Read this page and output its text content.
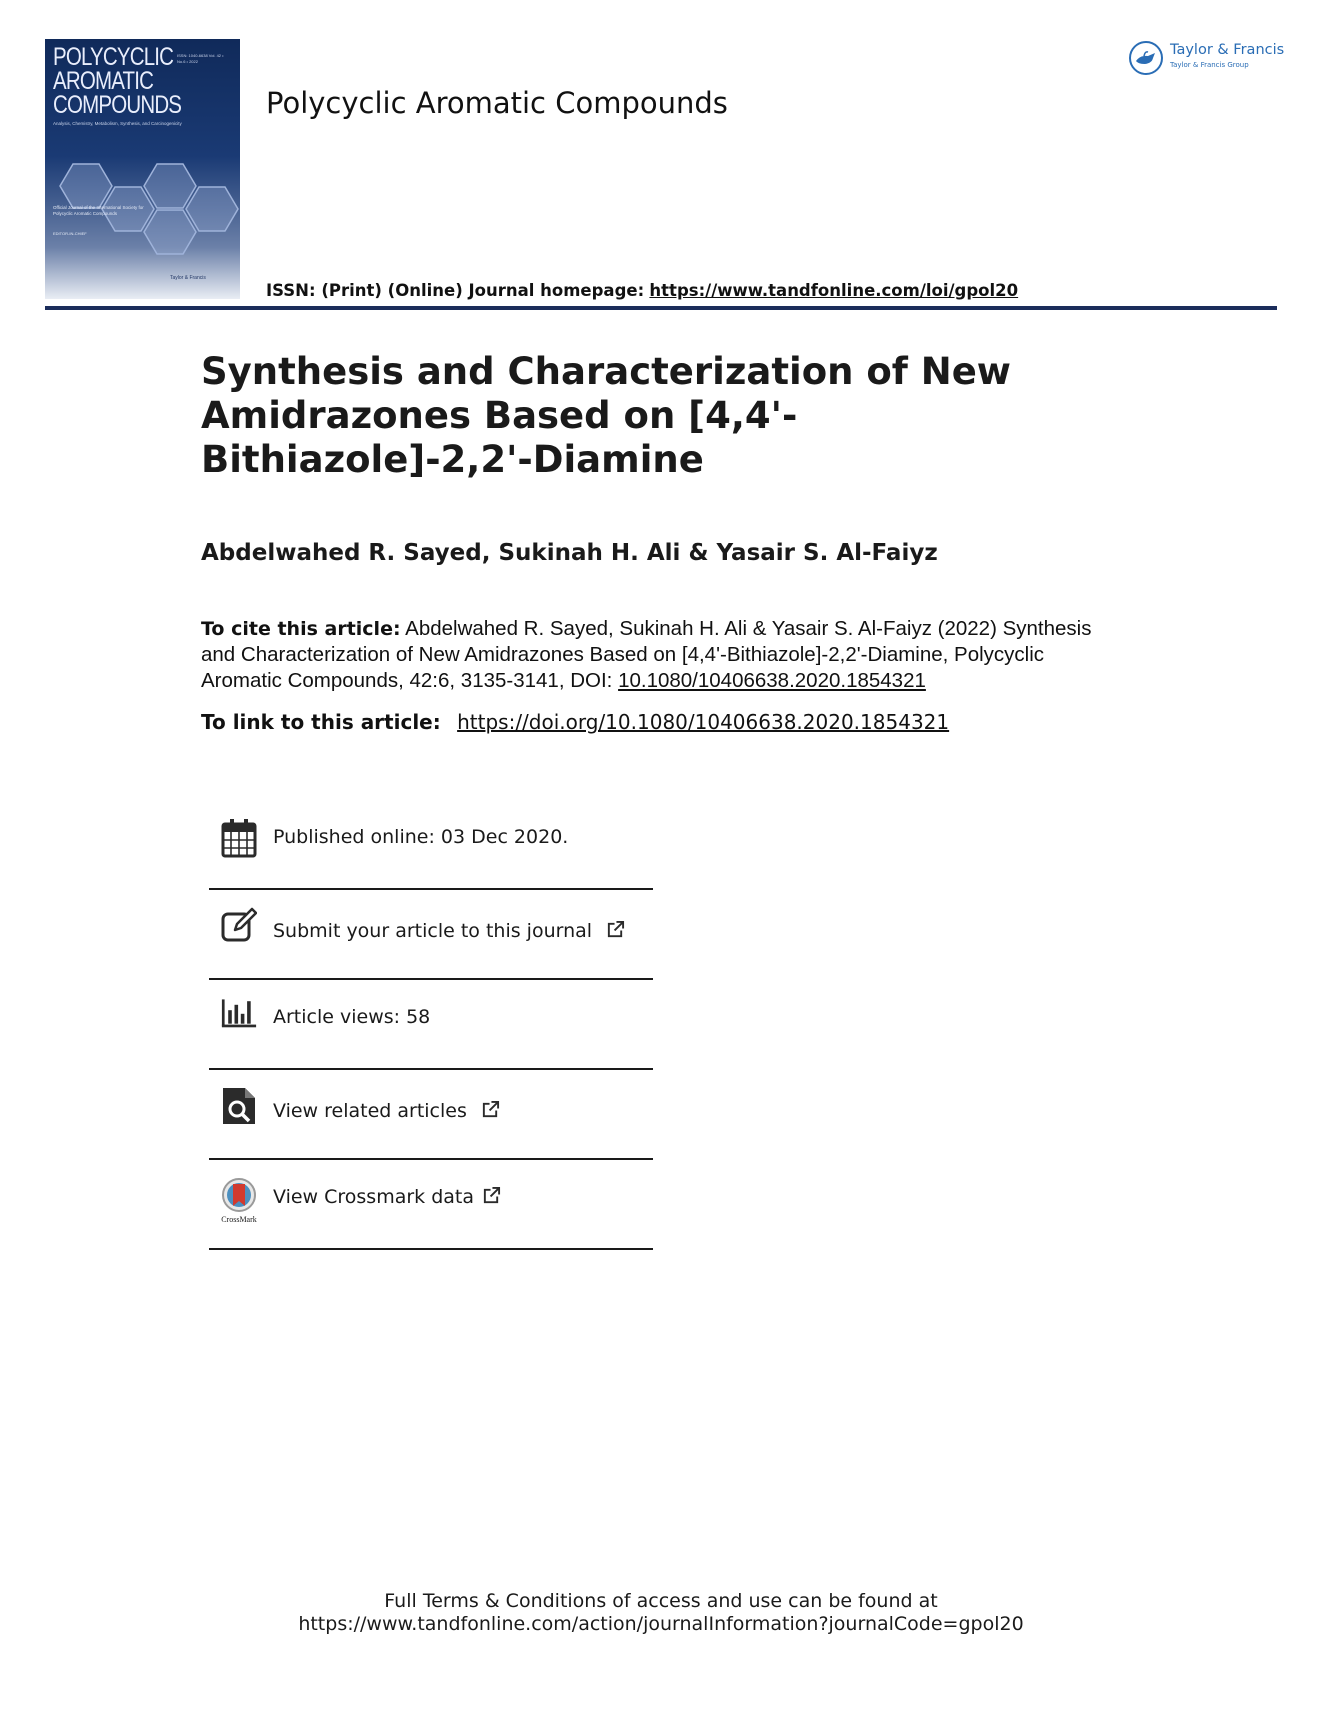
POLYCYCLIC
AROMATIC
COMPOUNDS
ISSN: 1040-6638 Vol. 42 • No.6 • 2022
Analysis, Chemistry, Metabolism, Synthesis, and Carcinogenicity
Official Journal of the International Society for Polycyclic Aromatic Compounds
EDITOR-IN-CHIEF
Taylor & Francis
Polycyclic Aromatic Compounds
Taylor & Francis
Taylor & Francis Group
ISSN: (Print) (Online) Journal homepage: https://www.tandfonline.com/loi/gpol20
Synthesis and Characterization of New Amidrazones Based on [4,4'-Bithiazole]-2,2'-Diamine
Abdelwahed R. Sayed, Sukinah H. Ali & Yasair S. Al-Faiyz
To cite this article: Abdelwahed R. Sayed, Sukinah H. Ali & Yasair S. Al-Faiyz (2022) Synthesis and Characterization of New Amidrazones Based on [4,4'-Bithiazole]-2,2'-Diamine, Polycyclic Aromatic Compounds, 42:6, 3135-3141, DOI: 10.1080/10406638.2020.1854321
To link to this article: https://doi.org/10.1080/10406638.2020.1854321
Published online: 03 Dec 2020.
Submit your article to this journal
Article views: 58
View related articles
CrossMark
View Crossmark data
Full Terms & Conditions of access and use can be found at
https://www.tandfonline.com/action/journalInformation?journalCode=gpol20
